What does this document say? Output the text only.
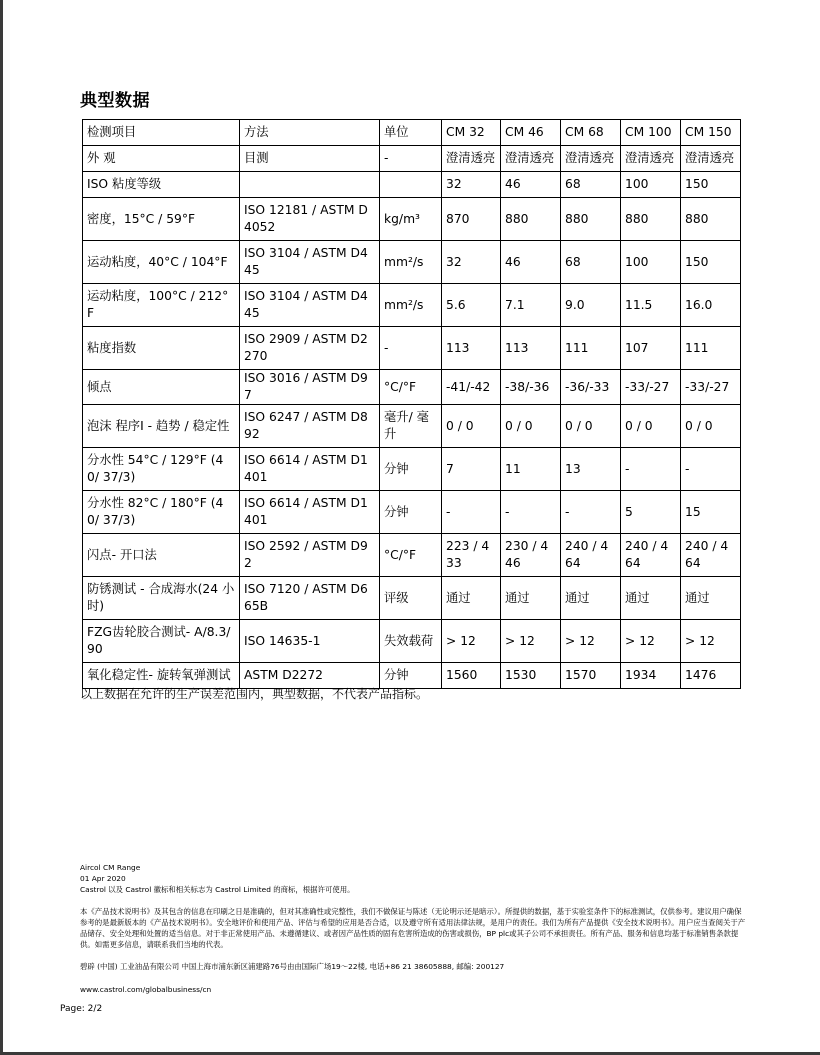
典型数据
检测项目	方法	单位	CM 32	CM 46	CM 68	CM 100	CM 150
外 观	目测	-	澄清透亮	澄清透亮	澄清透亮	澄清透亮	澄清透亮
ISO 粘度等级			32	46	68	100	150
密度，15°C / 59°F	ISO 12181 / ASTM D4052	kg/m³	870	880	880	880	880
运动粘度，40°C / 104°F	ISO 3104 / ASTM D445	mm²/s	32	46	68	100	150
运动粘度，100°C / 212°F	ISO 3104 / ASTM D445	mm²/s	5.6	7.1	9.0	11.5	16.0
粘度指数	ISO 2909 / ASTM D2270	-	113	113	111	107	111
倾点	ISO 3016 / ASTM D97	°C/°F	-41/-42	-38/-36	-36/-33	-33/-27	-33/-27
泡沫 程序I - 趋势 / 稳定性	ISO 6247 / ASTM D892	毫升/ 毫升	0 / 0	0 / 0	0 / 0	0 / 0	0 / 0
分水性 54°C / 129°F (40/ 37/3)	ISO 6614 / ASTM D1401	分钟	7	11	13	-	-
分水性 82°C / 180°F (40/ 37/3)	ISO 6614 / ASTM D1401	分钟	-	-	-	5	15
闪点- 开口法	ISO 2592 / ASTM D92	°C/°F	223 / 433	230 / 446	240 / 464	240 / 464	240 / 464
防锈测试 - 合成海水(24 小时)	ISO 7120 / ASTM D665B	评级	通过	通过	通过	通过	通过
FZG齿轮胶合测试- A/8.3/ 90	ISO 14635-1	失效载荷	> 12	> 12	> 12	> 12	> 12
氧化稳定性- 旋转氧弹测试	ASTM D2272	分钟	1560	1530	1570	1934	1476
以上数据在允许的生产误差范围内，典型数据，不代表产品指标。
Aircol CM Range
01 Apr 2020
Castrol 以及 Castrol 徽标和相关标志为 Castrol Limited 的商标，根据许可使用。
本《产品技术说明书》及其包含的信息在印刷之日是准确的，但对其准确性或完整性，我们不做保证与陈述（无论明示还是暗示）。所提供的数据，基于实验室条件下的标准测试，仅供参考。建议用户确保参考的是最新版本的《产品技术说明书》。安全地评价和使用产品、评估与希望的应用是否合适，以及遵守所有适用法律法规，是用户的责任。我们为所有产品提供《安全技术说明书》。用户应当查阅关于产品储存、安全处理和处置的适当信息。对于非正常使用产品、未遵循建议、或者因产品性质的固有危害所造成的伤害或损伤，BP plc或其子公司不承担责任。所有产品、服务和信息均基于标准销售条款提供。如需更多信息，请联系我们当地的代表。
碧辟 (中国) 工业油品有限公司 中国上海市浦东新区浦建路76号由由国际广场19～22楼, 电话+86 21 38605888, 邮编: 200127
www.castrol.com/globalbusiness/cn
Page: 2/2
